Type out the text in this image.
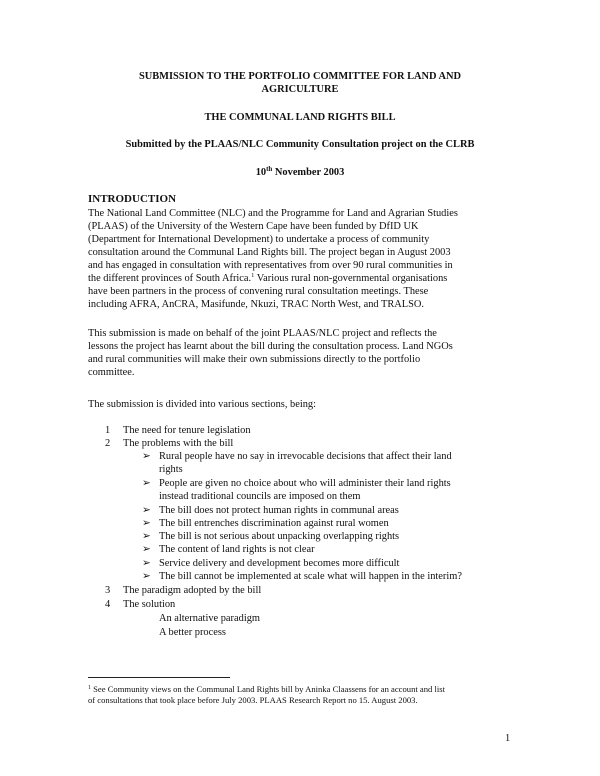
SUBMISSION TO THE PORTFOLIO COMMITTEE FOR LAND AND
AGRICULTURE
THE COMMUNAL LAND RIGHTS BILL
Submitted by the PLAAS/NLC Community Consultation project on the CLRB
10th November 2003
INTRODUCTION
The National Land Committee (NLC) and the Programme for Land and Agrarian Studies
(PLAAS) of the University of the Western Cape have been funded by DfID UK
(Department for International Development) to undertake a process of community
consultation around the Communal Land Rights bill. The project began in August 2003
and has engaged in consultation with representatives from over 90 rural communities in
the different provinces of South Africa.$^1$ Various rural non-governmental organisations
have been partners in the process of convening rural consultation meetings. These
including AFRA, AnCRA, Masifunde, Nkuzi, TRAC North West, and TRALSO.
This submission is made on behalf of the joint PLAAS/NLC project and reflects the
lessons the project has learnt about the bill during the consultation process. Land NGOs
and rural communities will make their own submissions directly to the portfolio
committee.
The submission is divided into various sections, being:
1 The need for tenure legislation
2 The problems with the bill
➢ Rural people have no say in irrevocable decisions that affect their land
rights
➢ People are given no choice about who will administer their land rights
instead traditional councils are imposed on them
➢ The bill does not protect human rights in communal areas
➢ The bill entrenches discrimination against rural women
➢ The bill is not serious about unpacking overlapping rights
➢ The content of land rights is not clear
➢ Service delivery and development becomes more difficult
➢ The bill cannot be implemented at scale what will happen in the interim?
3 The paradigm adopted by the bill
4 The solution
An alternative paradigm
A better process
$^1$ See Community views on the Communal Land Rights bill by Aninka Claassens for an account and list
of consultations that took place before July 2003. PLAAS Research Report no 15. August 2003.
1
